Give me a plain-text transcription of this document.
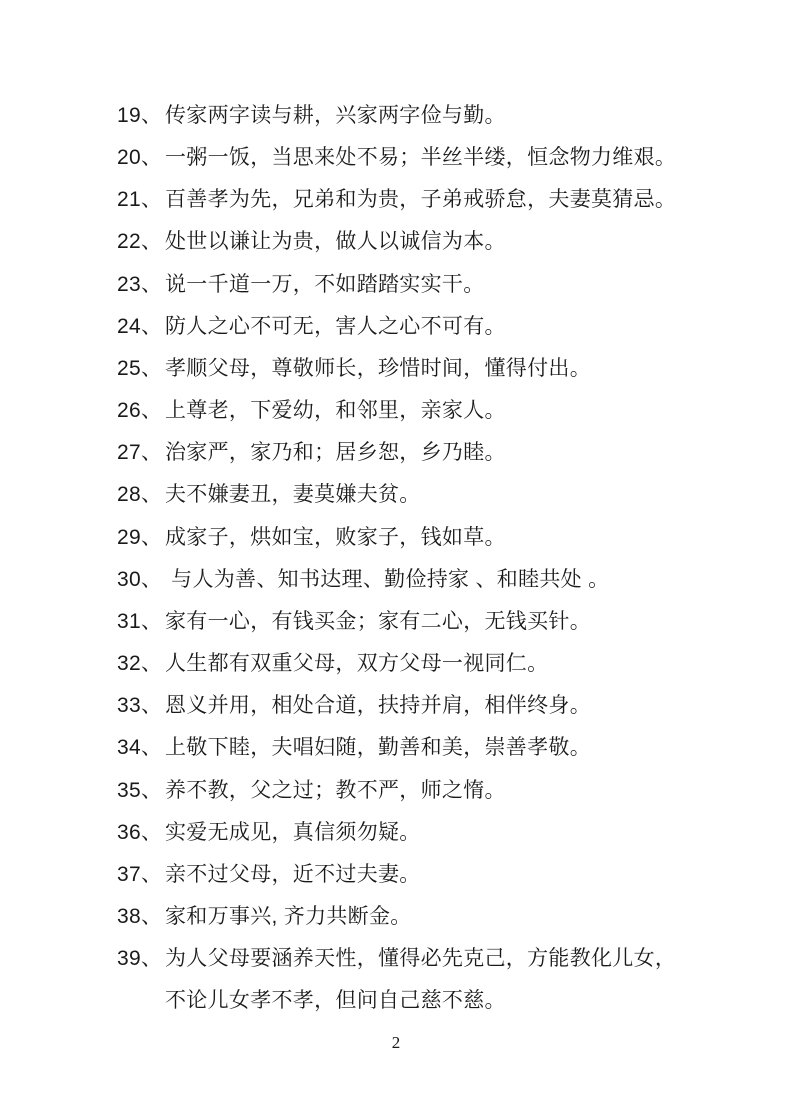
19、 传家两字读与耕，兴家两字俭与勤。
20、 一粥一饭，当思来处不易；半丝半缕，恒念物力维艰。
21、 百善孝为先，兄弟和为贵，子弟戒骄怠，夫妻莫猜忌。
22、 处世以谦让为贵，做人以诚信为本。
23、 说一千道一万，不如踏踏实实干。
24、 防人之心不可无，害人之心不可有。
25、 孝顺父母，尊敬师长，珍惜时间，懂得付出。
26、 上尊老，下爱幼，和邻里，亲家人。
27、 治家严，家乃和；居乡恕，乡乃睦。
28、 夫不嫌妻丑，妻莫嫌夫贫。
29、 成家子，烘如宝，败家子，钱如草。
30、 与人为善、知书达理、勤俭持家 、和睦共处 。
31、 家有一心，有钱买金；家有二心，无钱买针。
32、 人生都有双重父母，双方父母一视同仁。
33、 恩义并用，相处合道，扶持并肩，相伴终身。
34、 上敬下睦，夫唱妇随，勤善和美，崇善孝敬。
35、 养不教，父之过；教不严，师之惰。
36、 实爱无成见，真信须勿疑。
37、 亲不过父母，近不过夫妻。
38、 家和万事兴, 齐力共断金。
39、 为人父母要涵养天性，懂得必先克己，方能教化儿女，
不论儿女孝不孝，但问自己慈不慈。
2
